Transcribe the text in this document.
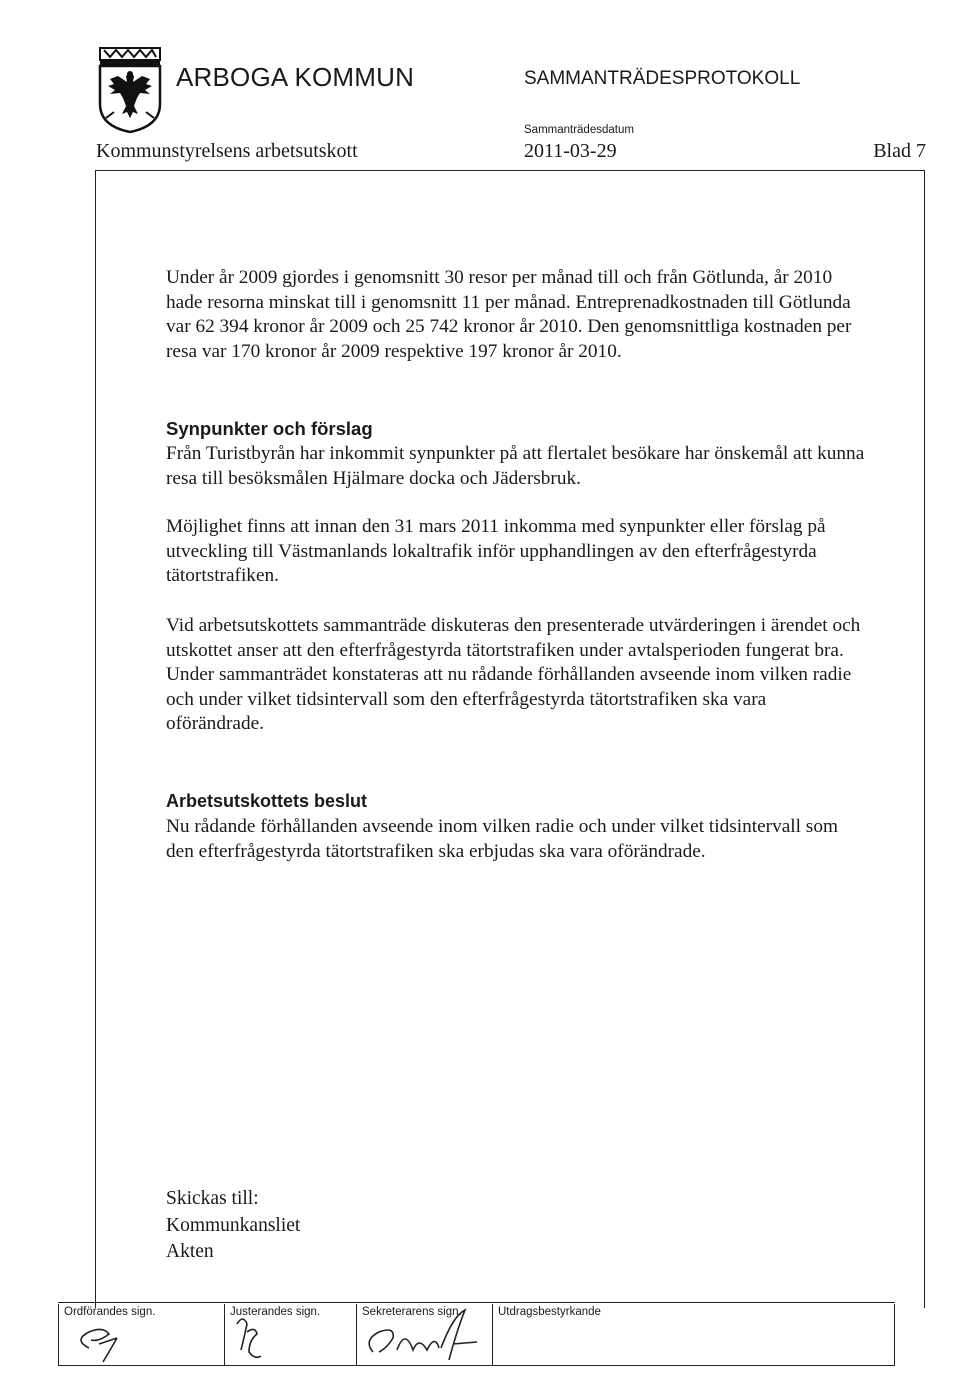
ARBOGA KOMMUN	SAMMANTRÄDESPROTOKOLL
Sammanträdesdatum
Kommunstyrelsens arbetsutskott	2011-03-29	Blad 7
Under år 2009 gjordes i genomsnitt 30 resor per månad till och från Götlunda, år 2010 hade resorna minskat till i genomsnitt 11 per månad. Entreprenadkostnaden till Götlunda var 62 394 kronor år 2009 och 25 742 kronor år 2010. Den genomsnittliga kostnaden per resa var 170 kronor år 2009 respektive 197 kronor år 2010.
Synpunkter och förslag
Från Turistbyrån har inkommit synpunkter på att flertalet besökare har önskemål att kunna resa till besöksmålen Hjälmare docka och Jädersbruk.
Möjlighet finns att innan den 31 mars 2011 inkomma med synpunkter eller förslag på utveckling till Västmanlands lokaltrafik inför upphandlingen av den efterfrågestyrda tätortstrafiken.
Vid arbetsutskottets sammanträde diskuteras den presenterade utvärderingen i ärendet och utskottet anser att den efterfrågestyrda tätortstrafiken under avtalsperioden fungerat bra. Under sammanträdet konstateras att nu rådande förhållanden avseende inom vilken radie och under vilket tidsintervall som den efterfrågestyrda tätortstrafiken ska vara oförändrade.
Arbetsutskottets beslut
Nu rådande förhållanden avseende inom vilken radie och under vilket tidsintervall som den efterfrågestyrda tätortstrafiken ska erbjudas ska vara oförändrade.
Skickas till:
Kommunkansliet
Akten
Ordförandes sign.	Justerandes sign.	Sekreterarens sign.	Utdragsbestyrkande
